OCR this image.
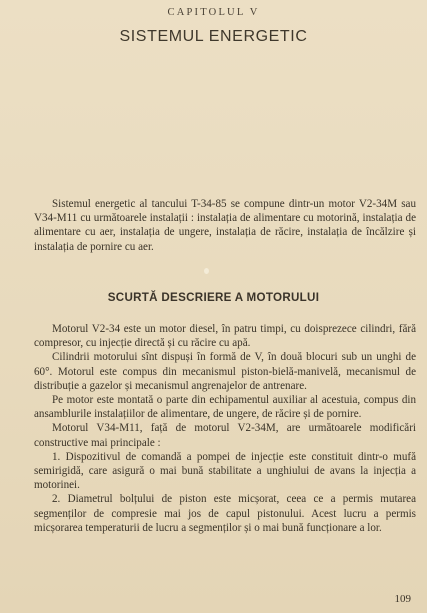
CAPITOLUL V
SISTEMUL ENERGETIC

Sistemul energetic al tancului T-34-85 se compune dintr-un motor V2-34M sau V34-M11 cu următoarele instalații : instalația de alimentare cu motorină, instalația de alimentare cu aer, instalația de ungere, instalația de răcire, instalația de încălzire și instalația de pornire cu aer.

SCURTĂ DESCRIERE A MOTORULUI

Motorul V2-34 este un motor diesel, în patru timpi, cu doisprezece cilindri, fără compresor, cu injecție directă și cu răcire cu apă.

Cilindrii motorului sînt dispuși în formă de V, în două blocuri sub un unghi de 60°. Motorul este compus din mecanismul piston-bielă-manivelă, mecanismul de distribuție a gazelor și mecanismul angrenajelor de antrenare.

Pe motor este montată o parte din echipamentul auxiliar al acestuia, compus din ansamblurile instalațiilor de alimentare, de ungere, de răcire și de pornire.

Motorul V34-M11, față de motorul V2-34M, are următoarele modificări constructive mai principale :

1. Dispozitivul de comandă a pompei de injecție este constituit dintr-o mufă semirigidă, care asigură o mai bună stabilitate a unghiului de avans la injecția a motorinei.

2. Diametrul bolțului de piston este micșorat, ceea ce a permis mutarea segmenților de compresie mai jos de capul pistonului. Acest lucru a permis micșorarea temperaturii de lucru a segmenților și o mai bună funcționare a lor.

109
